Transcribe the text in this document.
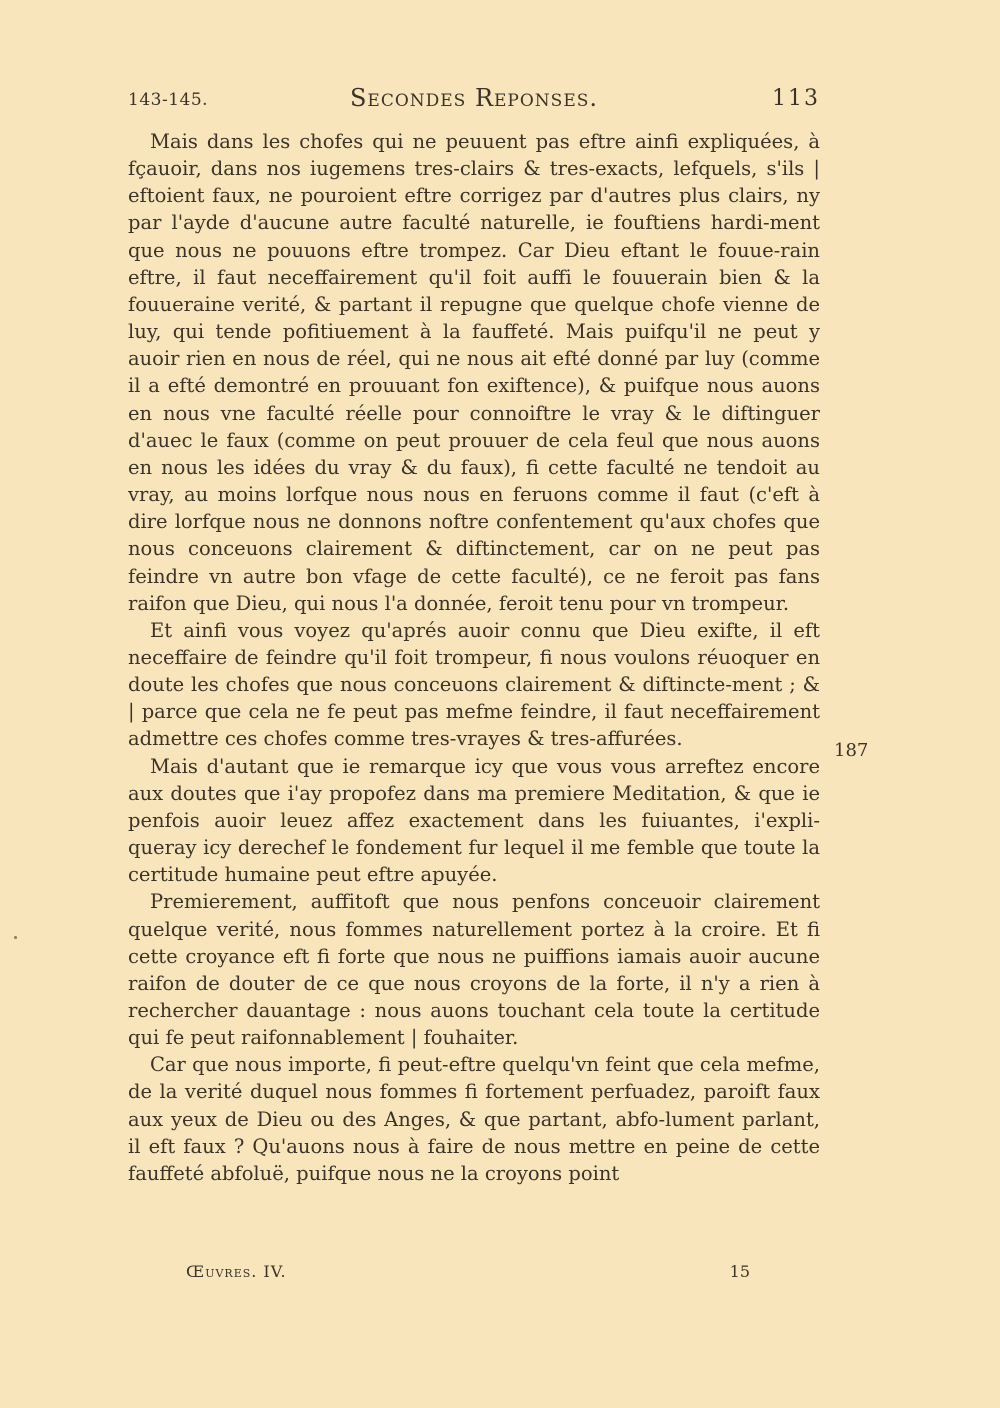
143-145.	Secondes Reponses.	113

Mais dans les chofes qui ne peuuent pas eftre ainfi expliquées, à fçauoir, dans nos iugemens tres-clairs & tres-exacts, lefquels, s'ils | eftoient faux, ne pouroient eftre corrigez par d'autres plus clairs, ny par l'ayde d'aucune autre faculté naturelle, ie fouftiens hardi-ment que nous ne pouuons eftre trompez. Car Dieu eftant le fouue-rain eftre, il faut neceffairement qu'il foit auffi le fouuerain bien & la fouueraine verité, & partant il repugne que quelque chofe vienne de luy, qui tende pofitiuement à la fauffeté. Mais puifqu'il ne peut y auoir rien en nous de réel, qui ne nous ait efté donné par luy (comme il a efté demontré en prouuant fon exiftence), & puifque nous auons en nous vne faculté réelle pour connoiftre le vray & le diftinguer d'auec le faux (comme on peut prouuer de cela feul que nous auons en nous les idées du vray & du faux), fi cette faculté ne tendoit au vray, au moins lorfque nous nous en feruons comme il faut (c'eft à dire lorfque nous ne donnons noftre confentement qu'aux chofes que nous conceuons clairement & diftinctement, car on ne peut pas feindre vn autre bon vfage de cette faculté), ce ne feroit pas fans raifon que Dieu, qui nous l'a donnée, feroit tenu pour vn trompeur.

Et ainfi vous voyez qu'aprés auoir connu que Dieu exifte, il eft neceffaire de feindre qu'il foit trompeur, fi nous voulons réuoquer en doute les chofes que nous conceuons clairement & diftincte-ment ; & | parce que cela ne fe peut pas mefme feindre, il faut neceffairement admettre ces chofes comme tres-vrayes & tres-affurées.

Mais d'autant que ie remarque icy que vous vous arreftez encore aux doutes que i'ay propofez dans ma premiere Meditation, & que ie penfois auoir leuez affez exactement dans les fuiuantes, i'expli-queray icy derechef le fondement fur lequel il me femble que toute la certitude humaine peut eftre apuyée.

Premierement, auffitoft que nous penfons conceuoir clairement quelque verité, nous fommes naturellement portez à la croire. Et fi cette croyance eft fi forte que nous ne puiffions iamais auoir aucune raifon de douter de ce que nous croyons de la forte, il n'y a rien à rechercher dauantage : nous auons touchant cela toute la certitude qui fe peut raifonnablement | fouhaiter.

Car que nous importe, fi peut-eftre quelqu'vn feint que cela mefme, de la verité duquel nous fommes fi fortement perfuadez, paroift faux aux yeux de Dieu ou des Anges, & que partant, abfo-lument parlant, il eft faux ? Qu'auons nous à faire de nous mettre en peine de cette fauffeté abfoluë, puifque nous ne la croyons point

187
Œuvres. IV.	15
